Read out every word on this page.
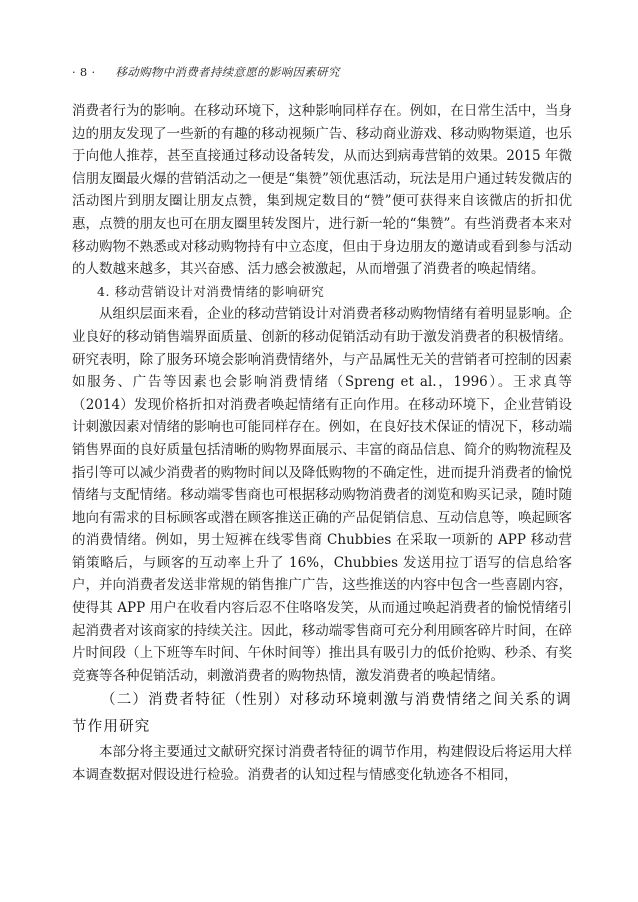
· 8 · 移动购物中消费者持续意愿的影响因素研究

消费者行为的影响。在移动环境下，这种影响同样存在。例如，在日常生活中，当身边的朋友发现了一些新的有趣的移动视频广告、移动商业游戏、移动购物渠道，也乐于向他人推荐，甚至直接通过移动设备转发，从而达到病毒营销的效果。2015 年微信朋友圈最火爆的营销活动之一便是“集赞”领优惠活动，玩法是用户通过转发微店的活动图片到朋友圈让朋友点赞，集到规定数目的“赞”便可获得来自该微店的折扣优惠，点赞的朋友也可在朋友圈里转发图片，进行新一轮的“集赞”。有些消费者本来对移动购物不熟悉或对移动购物持有中立态度，但由于身边朋友的邀请或看到参与活动的人数越来越多，其兴奋感、活力感会被激起，从而增强了消费者的唤起情绪。

4. 移动营销设计对消费情绪的影响研究

从组织层面来看，企业的移动营销设计对消费者移动购物情绪有着明显影响。企业良好的移动销售端界面质量、创新的移动促销活动有助于激发消费者的积极情绪。研究表明，除了服务环境会影响消费情绪外，与产品属性无关的营销者可控制的因素如服务、广告等因素也会影响消费情绪（Spreng et al.，1996）。王求真等（2014）发现价格折扣对消费者唤起情绪有正向作用。在移动环境下，企业营销设计刺激因素对情绪的影响也可能同样存在。例如，在良好技术保证的情况下，移动端销售界面的良好质量包括清晰的购物界面展示、丰富的商品信息、简介的购物流程及指引等可以减少消费者的购物时间以及降低购物的不确定性，进而提升消费者的愉悦情绪与支配情绪。移动端零售商也可根据移动购物消费者的浏览和购买记录，随时随地向有需求的目标顾客或潜在顾客推送正确的产品促销信息、互动信息等，唤起顾客的消费情绪。例如，男士短裤在线零售商 Chubbies 在采取一项新的 APP 移动营销策略后，与顾客的互动率上升了 16%，Chubbies 发送用拉丁语写的信息给客户，并向消费者发送非常规的销售推广广告，这些推送的内容中包含一些喜剧内容，使得其 APP 用户在收看内容后忍不住咯咯发笑，从而通过唤起消费者的愉悦情绪引起消费者对该商家的持续关注。因此，移动端零售商可充分利用顾客碎片时间，在碎片时间段（上下班等车时间、午休时间等）推出具有吸引力的低价抢购、秒杀、有奖竞赛等各种促销活动，刺激消费者的购物热情，激发消费者的唤起情绪。

（二）消费者特征（性别）对移动环境刺激与消费情绪之间关系的调节作用研究

本部分将主要通过文献研究探讨消费者特征的调节作用，构建假设后将运用大样本调查数据对假设进行检验。消费者的认知过程与情感变化轨迹各不相同，
